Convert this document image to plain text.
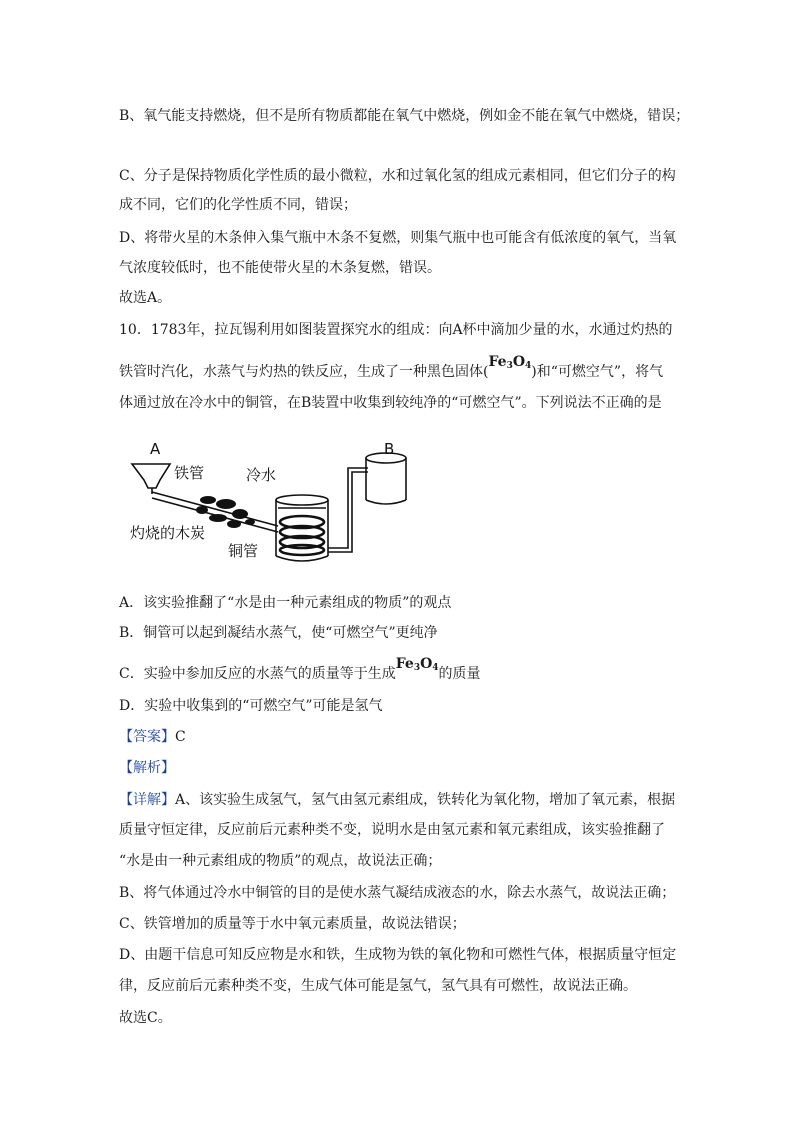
B、氧气能支持燃烧，但不是所有物质都能在氧气中燃烧，例如金不能在氧气中燃烧，错误；
C、分子是保持物质化学性质的最小微粒，水和过氧化氢的组成元素相同，但它们分子的构
成不同，它们的化学性质不同，错误；
D、将带火星的木条伸入集气瓶中木条不复燃，则集气瓶中也可能含有低浓度的氧气，当氧
气浓度较低时，也不能使带火星的木条复燃，错误。
故选A。
10．1783年，拉瓦锡利用如图装置探究水的组成：向A杯中滴加少量的水，水通过灼热的
铁管时汽化，水蒸气与灼热的铁反应，生成了一种黑色固体$(Fe_3O_4)$和“可燃空气”，将气
体通过放在冷水中的铜管，在B装置中收集到较纯净的“可燃空气”。下列说法不正确的是
A	B
铁管	冷水
灼烧的木炭
铜管
A．该实验推翻了“水是由一种元素组成的物质”的观点
B．铜管可以起到凝结水蒸气，使“可燃空气”更纯净
C．实验中参加反应的水蒸气的质量等于生成$Fe_3O_4$的质量
D．实验中收集到的“可燃空气”可能是氢气
【答案】C
【解析】
【详解】A、该实验生成氢气，氢气由氢元素组成，铁转化为氧化物，增加了氧元素，根据
质量守恒定律，反应前后元素种类不变，说明水是由氢元素和氧元素组成，该实验推翻了
“水是由一种元素组成的物质”的观点，故说法正确；
B、将气体通过冷水中铜管的目的是使水蒸气凝结成液态的水，除去水蒸气，故说法正确；
C、铁管增加的质量等于水中氧元素质量，故说法错误；
D、由题干信息可知反应物是水和铁，生成物为铁的氧化物和可燃性气体，根据质量守恒定
律，反应前后元素种类不变，生成气体可能是氢气，氢气具有可燃性，故说法正确。
故选C。
